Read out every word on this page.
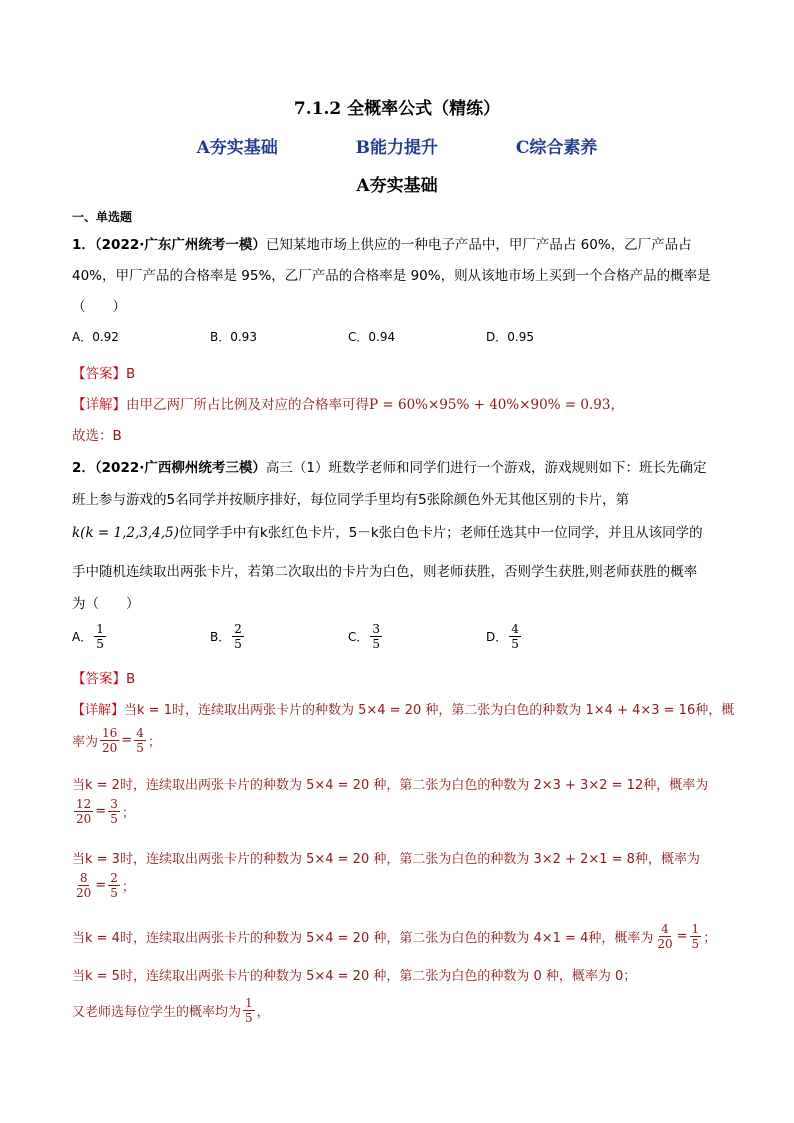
7.1.2 全概率公式（精练）
A夯实基础	B能力提升	C综合素养
A夯实基础
一、单选题
1．（2022·广东广州统考一模）已知某地市场上供应的一种电子产品中，甲厂产品占 60%，乙厂产品占
40%，甲厂产品的合格率是 95%，乙厂产品的合格率是 90%，则从该地市场上买到一个合格产品的概率是
（　　）
A．0.92	B．0.93	C．0.94	D．0.95
【答案】B
【详解】由甲乙两厂所占比例及对应的合格率可得P = 60%×95% + 40%×90% = 0.93，
故选：B
2．（2022·广西柳州统考三模）高三（1）班数学老师和同学们进行一个游戏，游戏规则如下：班长先确定
班上参与游戏的5名同学并按顺序排好，每位同学手里均有5张除颜色外无其他区别的卡片，第
k(k = 1,2,3,4,5)位同学手中有k张红色卡片，5－k张白色卡片；老师任选其中一位同学，并且从该同学的
手中随机连续取出两张卡片，若第二次取出的卡片为白色，则老师获胜，否则学生获胜,则老师获胜的概率
为（　　）
A． $\frac{1}{5}$	B． $\frac{2}{5}$	C． $\frac{3}{5}$	D． $\frac{4}{5}$
【答案】B
【详解】当k = 1时，连续取出两张卡片的种数为 5×4 = 20 种，第二张为白色的种数为 1×4 + 4×3 = 16种，概
率为 $\frac{16}{20} = \frac{4}{5}$ ；
当k = 2时，连续取出两张卡片的种数为 5×4 = 20 种，第二张为白色的种数为 2×3 + 3×2 = 12种，概率为
$\frac{12}{20} = \frac{3}{5}$ ；
当k = 3时，连续取出两张卡片的种数为 5×4 = 20 种，第二张为白色的种数为 3×2 + 2×1 = 8种，概率为
$\frac{8}{20} = \frac{2}{5}$ ；
当k = 4时，连续取出两张卡片的种数为 5×4 = 20 种，第二张为白色的种数为 4×1 = 4种，概率为 $\frac{4}{20} = \frac{1}{5}$ ；
当k = 5时，连续取出两张卡片的种数为 5×4 = 20 种，第二张为白色的种数为 0 种，概率为 0；
又老师选每位学生的概率均为 $\frac{1}{5}$ ，
